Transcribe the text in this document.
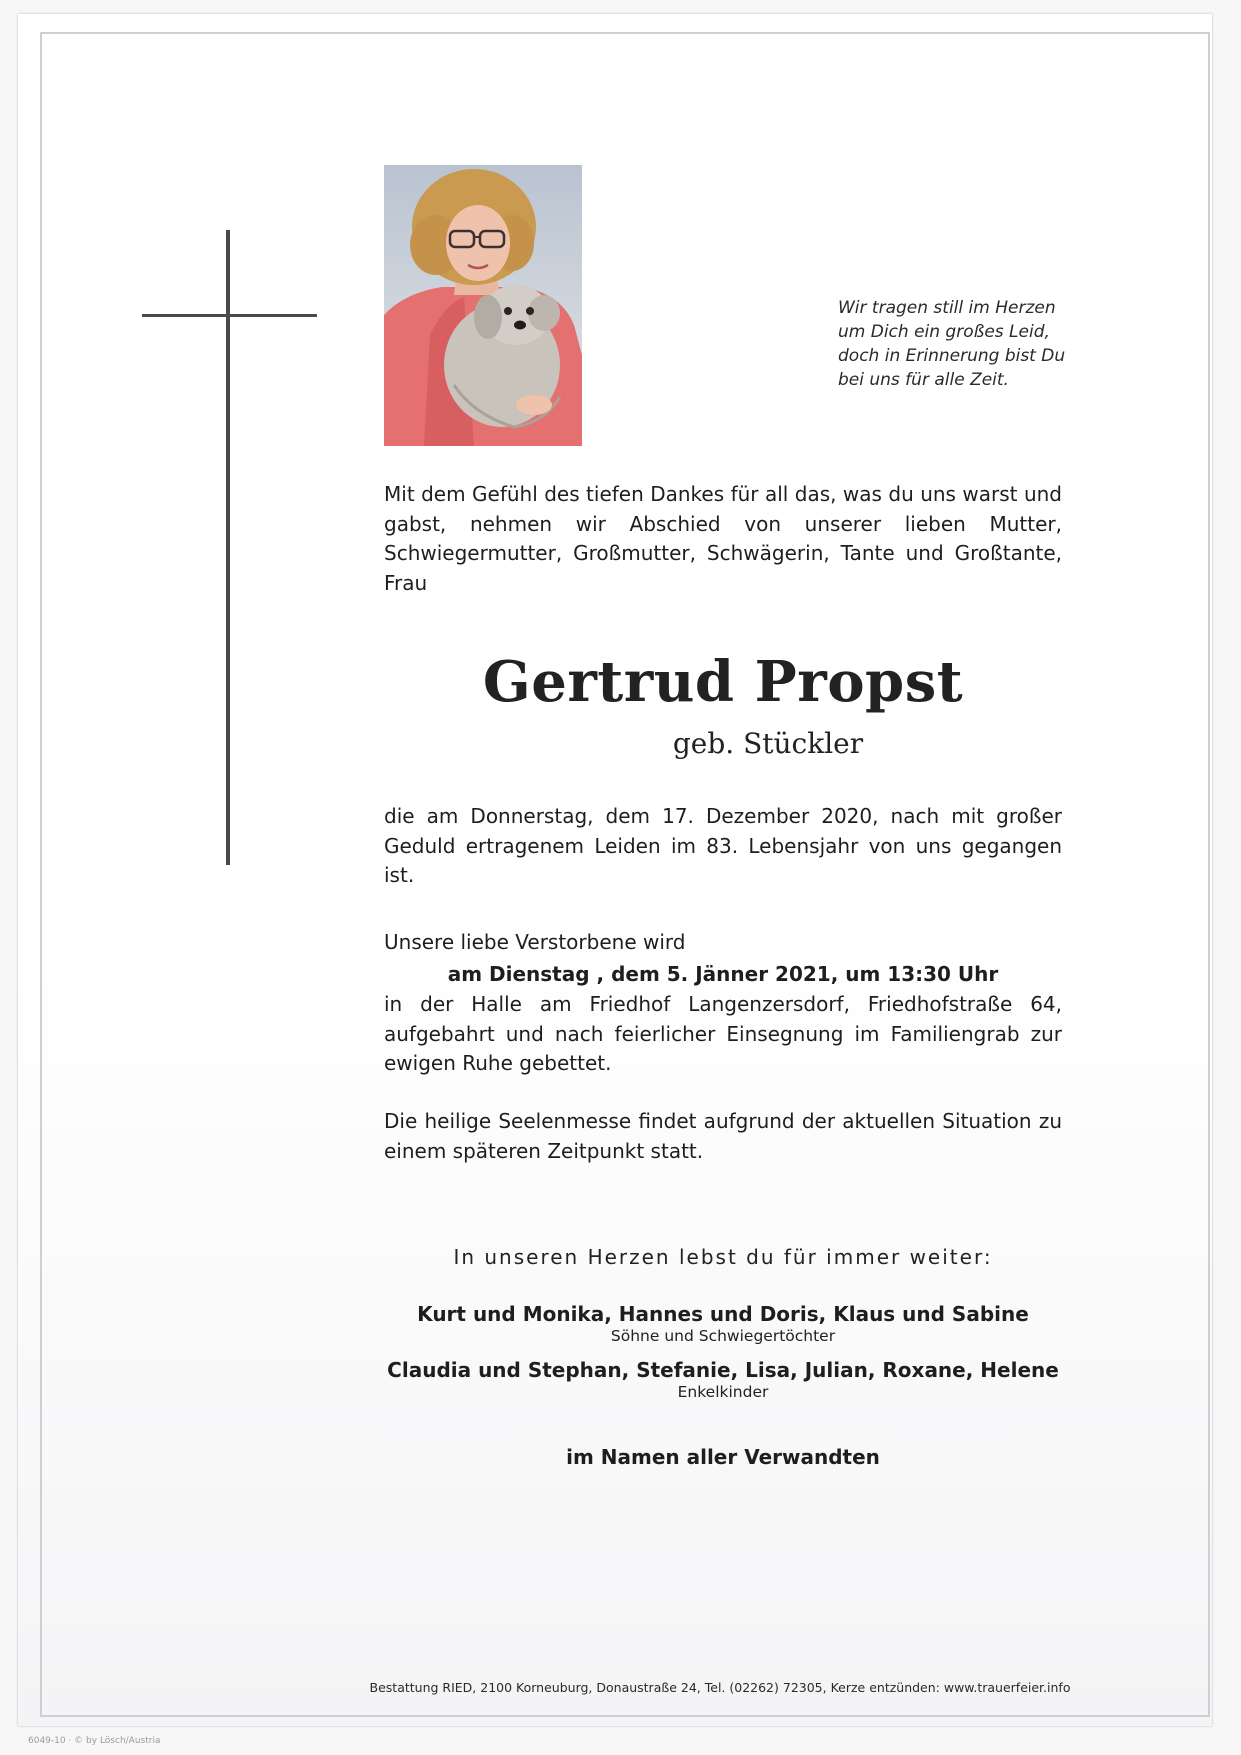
Wir tragen still im Herzen
um Dich ein großes Leid,
doch in Erinnerung bist Du
bei uns für alle Zeit.

Mit dem Gefühl des tiefen Dankes für all das, was du uns warst und gabst, nehmen wir Abschied von unserer lieben Mutter, Schwiegermutter, Großmutter, Schwägerin, Tante und Großtante, Frau

Gertrud Propst

geb. Stückler

die am Donnerstag, dem 17. Dezember 2020, nach mit großer Geduld ertragenem Leiden im 83. Lebensjahr von uns gegangen ist.

Unsere liebe Verstorbene wird

am Dienstag , dem 5. Jänner 2021, um 13:30 Uhr

in der Halle am Friedhof Langenzersdorf, Friedhofstraße 64, aufgebahrt und nach feierlicher Einsegnung im Familiengrab zur ewigen Ruhe gebettet.

Die heilige Seelenmesse findet aufgrund der aktuellen Situation zu einem späteren Zeitpunkt statt.

In unseren Herzen lebst du für immer weiter:

Kurt und Monika, Hannes und Doris, Klaus und Sabine

Söhne und Schwiegertöchter

Claudia und Stephan, Stefanie, Lisa, Julian, Roxane, Helene

Enkelkinder

im Namen aller Verwandten

Bestattung RIED, 2100 Korneuburg, Donaustraße 24, Tel. (02262) 72305, Kerze entzünden: www.trauerfeier.info

6049-10 · © by Lösch/Austria
